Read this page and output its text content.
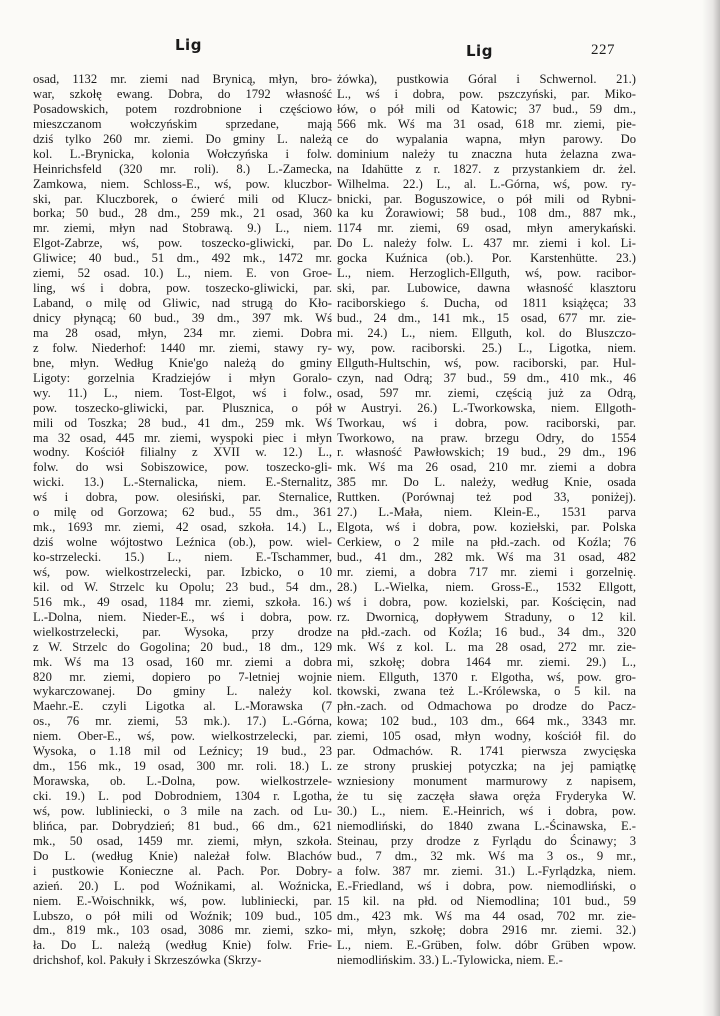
Lig	Lig	227
osad, 1132 mr. ziemi nad Brynicą, młyn, bro-
war, szkołę ewang. Dobra, do 1792 własność
Posadowskich, potem rozdrobnione i częściowo
mieszczanom wołczyńskim sprzedane, mają
dziś tylko 260 mr. ziemi. Do gminy L. należą
kol. L.-Brynicka, kolonia Wołczyńska i folw.
Heinrichsfeld (320 mr. roli). 8.) L.-Zamecka,
Zamkowa, niem. Schloss-E., wś, pow. kluczbor-
ski, par. Kluczborek, o ćwierć mili od Klucz-
borka; 50 bud., 28 dm., 259 mk., 21 osad, 360
mr. ziemi, młyn nad Stobrawą. 9.) L., niem.
Elgot-Zabrze, wś, pow. toszecko-gliwicki, par.
Gliwice; 40 bud., 51 dm., 492 mk., 1472 mr.
ziemi, 52 osad. 10.) L., niem. E. von Groe-
ling, wś i dobra, pow. toszecko-gliwicki, par.
Laband, o milę od Gliwic, nad strugą do Kło-
dnicy płynącą; 60 bud., 39 dm., 397 mk. Wś
ma 28 osad, młyn, 234 mr. ziemi. Dobra
z folw. Niederhof: 1440 mr. ziemi, stawy ry-
bne, młyn. Według Knie'go należą do gminy
Ligoty: gorzelnia Kradziejów i młyn Goralo-
wy. 11.) L., niem. Tost-Elgot, wś i folw.,
pow. toszecko-gliwicki, par. Plusznica, o pół
mili od Toszka; 28 bud., 41 dm., 259 mk. Wś
ma 32 osad, 445 mr. ziemi, wyspoki piec i młyn
wodny. Kościół filialny z XVII w. 12.) L.,
folw. do wsi Sobiszowice, pow. toszecko-gli-
wicki. 13.) L.-Sternalicka, niem. E.-Sternalitz,
wś i dobra, pow. olesiński, par. Sternalice,
o milę od Gorzowa; 62 bud., 55 dm., 361
mk., 1693 mr. ziemi, 42 osad, szkoła. 14.) L.,
dziś wolne wójtostwo Leźnica (ob.), pow. wiel-
ko-strzelecki. 15.) L., niem. E.-Tschammer,
wś, pow. wielkostrzelecki, par. Izbicko, o 10
kil. od W. Strzelc ku Opolu; 23 bud., 54 dm.,
516 mk., 49 osad, 1184 mr. ziemi, szkoła. 16.)
L.-Dolna, niem. Nieder-E., wś i dobra, pow.
wielkostrzelecki, par. Wysoka, przy drodze
z W. Strzelc do Gogolina; 20 bud., 18 dm., 129
mk. Wś ma 13 osad, 160 mr. ziemi a dobra
820 mr. ziemi, dopiero po 7-letniej wojnie
wykarczowanej. Do gminy L. należy kol.
Maehr.-E. czyli Ligotka al. L.-Morawska (7
os., 76 mr. ziemi, 53 mk.). 17.) L.-Górna,
niem. Ober-E., wś, pow. wielkostrzelecki, par.
Wysoka, o 1.18 mil od Leźnicy; 19 bud., 23
dm., 156 mk., 19 osad, 300 mr. roli. 18.) L.
Morawska, ob. L.-Dolna, pow. wielkostrzele-
cki. 19.) L. pod Dobrodniem, 1304 r. Lgotha,
wś, pow. lubliniecki, o 3 mile na zach. od Lu-
blińca, par. Dobrydzień; 81 bud., 66 dm., 621
mk., 50 osad, 1459 mr. ziemi, młyn, szkoła.
Do L. (według Knie) należał folw. Blachów
i pustkowie Konieczne al. Pach. Por. Dobry-
azień. 20.) L. pod Woźnikami, al. Woźnicka,
niem. E.-Woischnikk, wś, pow. lubliniecki, par.
Lubszo, o pół mili od Woźnik; 109 bud., 105
dm., 819 mk., 103 osad, 3086 mr. ziemi, szko-
ła. Do L. należą (według Knie) folw. Frie-
drichshof, kol. Pakuły i Skrzeszówka (Skrzy-
żówka), pustkowia Góral i Schwernol. 21.)
L., wś i dobra, pow. pszczyński, par. Miko-
łów, o pół mili od Katowic; 37 bud., 59 dm.,
566 mk. Wś ma 31 osad, 618 mr. ziemi, pie-
ce do wypalania wapna, młyn parowy. Do
dominium należy tu znaczna huta żelazna zwa-
na Idahütte z r. 1827. z przystankiem dr. żel.
Wilhelma. 22.) L., al. L.-Górna, wś, pow. ry-
bnicki, par. Boguszowice, o pół mili od Rybni-
ka ku Żorawiowi; 58 bud., 108 dm., 887 mk.,
1174 mr. ziemi, 69 osad, młyn amerykański.
Do L. należy folw. L. 437 mr. ziemi i kol. Li-
gocka Kuźnica (ob.). Por. Karstenhütte. 23.)
L., niem. Herzoglich-Ellguth, wś, pow. racibor-
ski, par. Lubowice, dawna własność klasztoru
raciborskiego ś. Ducha, od 1811 książęca; 33
bud., 24 dm., 141 mk., 15 osad, 677 mr. zie-
mi. 24.) L., niem. Ellguth, kol. do Bluszczo-
wy, pow. raciborski. 25.) L., Ligotka, niem.
Ellguth-Hultschin, wś, pow. raciborski, par. Hul-
czyn, nad Odrą; 37 bud., 59 dm., 410 mk., 46
osad, 597 mr. ziemi, częścią już za Odrą,
w Austryi. 26.) L.-Tworkowska, niem. Ellgoth-
Tworkau, wś i dobra, pow. raciborski, par.
Tworkowo, na praw. brzegu Odry, do 1554
r. własność Pawłowskich; 19 bud., 29 dm., 196
mk. Wś ma 26 osad, 210 mr. ziemi a dobra
385 mr. Do L. należy, według Knie, osada
Ruttken. (Porównaj też pod 33, poniżej).
27.) L.-Mała, niem. Klein-E., 1531 parva
Elgota, wś i dobra, pow. koziełski, par. Polska
Cerkiew, o 2 mile na płd.-zach. od Koźla; 76
bud., 41 dm., 282 mk. Wś ma 31 osad, 482
mr. ziemi, a dobra 717 mr. ziemi i gorzelnię.
28.) L.-Wielka, niem. Gross-E., 1532 Ellgott,
wś i dobra, pow. kozielski, par. Kościęcin, nad
rz. Dwornicą, dopływem Straduny, o 12 kil.
na płd.-zach. od Koźla; 16 bud., 34 dm., 320
mk. Wś z kol. L. ma 28 osad, 272 mr. zie-
mi, szkołę; dobra 1464 mr. ziemi. 29.) L.,
niem. Ellguth, 1370 r. Elgotha, wś, pow. gro-
tkowski, zwana też L.-Królewska, o 5 kil. na
płn.-zach. od Odmachowa po drodze do Pacz-
kowa; 102 bud., 103 dm., 664 mk., 3343 mr.
ziemi, 105 osad, młyn wodny, kościół fil. do
par. Odmachów. R. 1741 pierwsza zwycięska
ze strony pruskiej potyczka; na jej pamiątkę
wzniesiony monument marmurowy z napisem,
że tu się zaczęła sława oręża Fryderyka W.
30.) L., niem. E.-Heinrich, wś i dobra, pow.
niemodliński, do 1840 zwana L.-Ścinawska, E.-
Steinau, przy drodze z Fyrlądu do Ścinawy; 3
bud., 7 dm., 32 mk. Wś ma 3 os., 9 mr.,
a folw. 387 mr. ziemi. 31.) L.-Fyrlądzka, niem.
E.-Friedland, wś i dobra, pow. niemodliński, o
15 kil. na płd. od Niemodlina; 101 bud., 59
dm., 423 mk. Wś ma 44 osad, 702 mr. zie-
mi, młyn, szkołę; dobra 2916 mr. ziemi. 32.)
L., niem. E.-Grüben, folw. dóbr Grüben wpow.
niemodlińskim. 33.) L.-Tylowicka, niem. E.-
